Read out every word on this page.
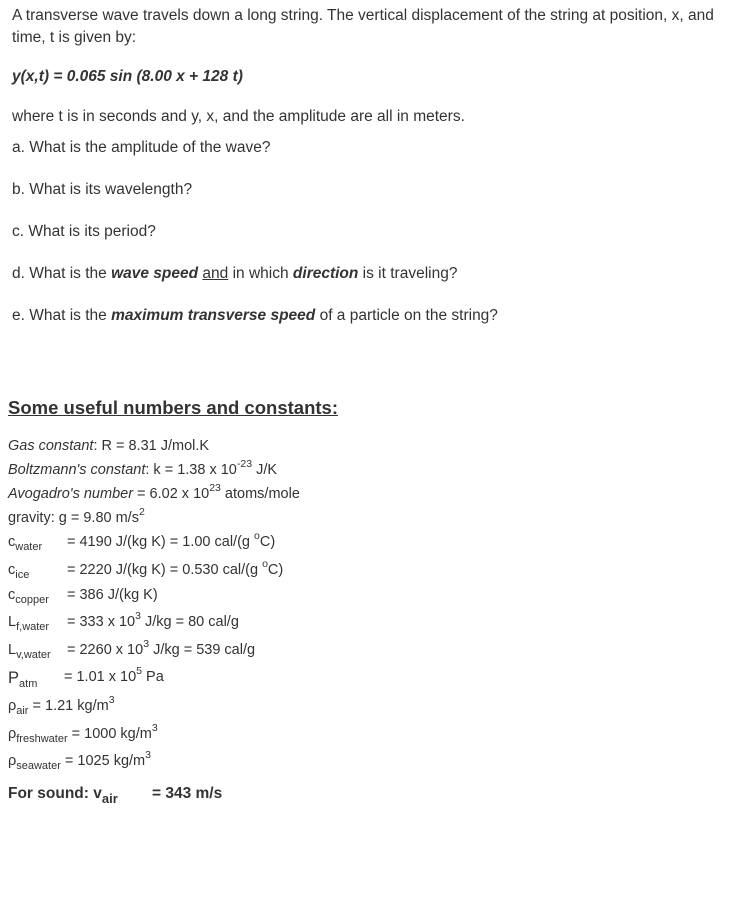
A transverse wave travels down a long string. The vertical displacement of the string at position, x, and time, t is given by:
y(x,t) = 0.065 sin (8.00 x + 128 t)
where t is in seconds and y, x, and the amplitude are all in meters.
a. What is the amplitude of the wave?
b. What is its wavelength?
c. What is its period?
d. What is the wave speed and in which direction is it traveling?
e. What is the maximum transverse speed of a particle on the string?
Some useful numbers and constants:
Gas constant: R = 8.31 J/mol.K
Boltzmann's constant: k = 1.38 x $10^{-23}$ J/K
Avogadro's number = 6.02 x $10^{23}$ atoms/mole
gravity: g = 9.80 $m/s^2$
$c_{water} = 4190$ J/(kg K) = 1.00 cal/(g $^o$C)
$c_{ice}$	= 2220 J/(kg K) = 0.530 cal/(g $^o$C)
$c_{copper} = 386$ J/(kg K)
$L_{f,water} = 333$ x $10^3$ J/kg = 80 cal/g
$L_{v,water} = 2260$ x $10^3$ J/kg = 539 cal/g
$P_{atm} = 1.01$ x $10^5$ Pa
$\rho_{air} = 1.21$ $kg/m^3$
$\rho_{freshwater} = 1000$ $kg/m^3$
$\rho_{seawater} = 1025$ $kg/m^3$
For sound: $v_{air} = 343$ m/s
